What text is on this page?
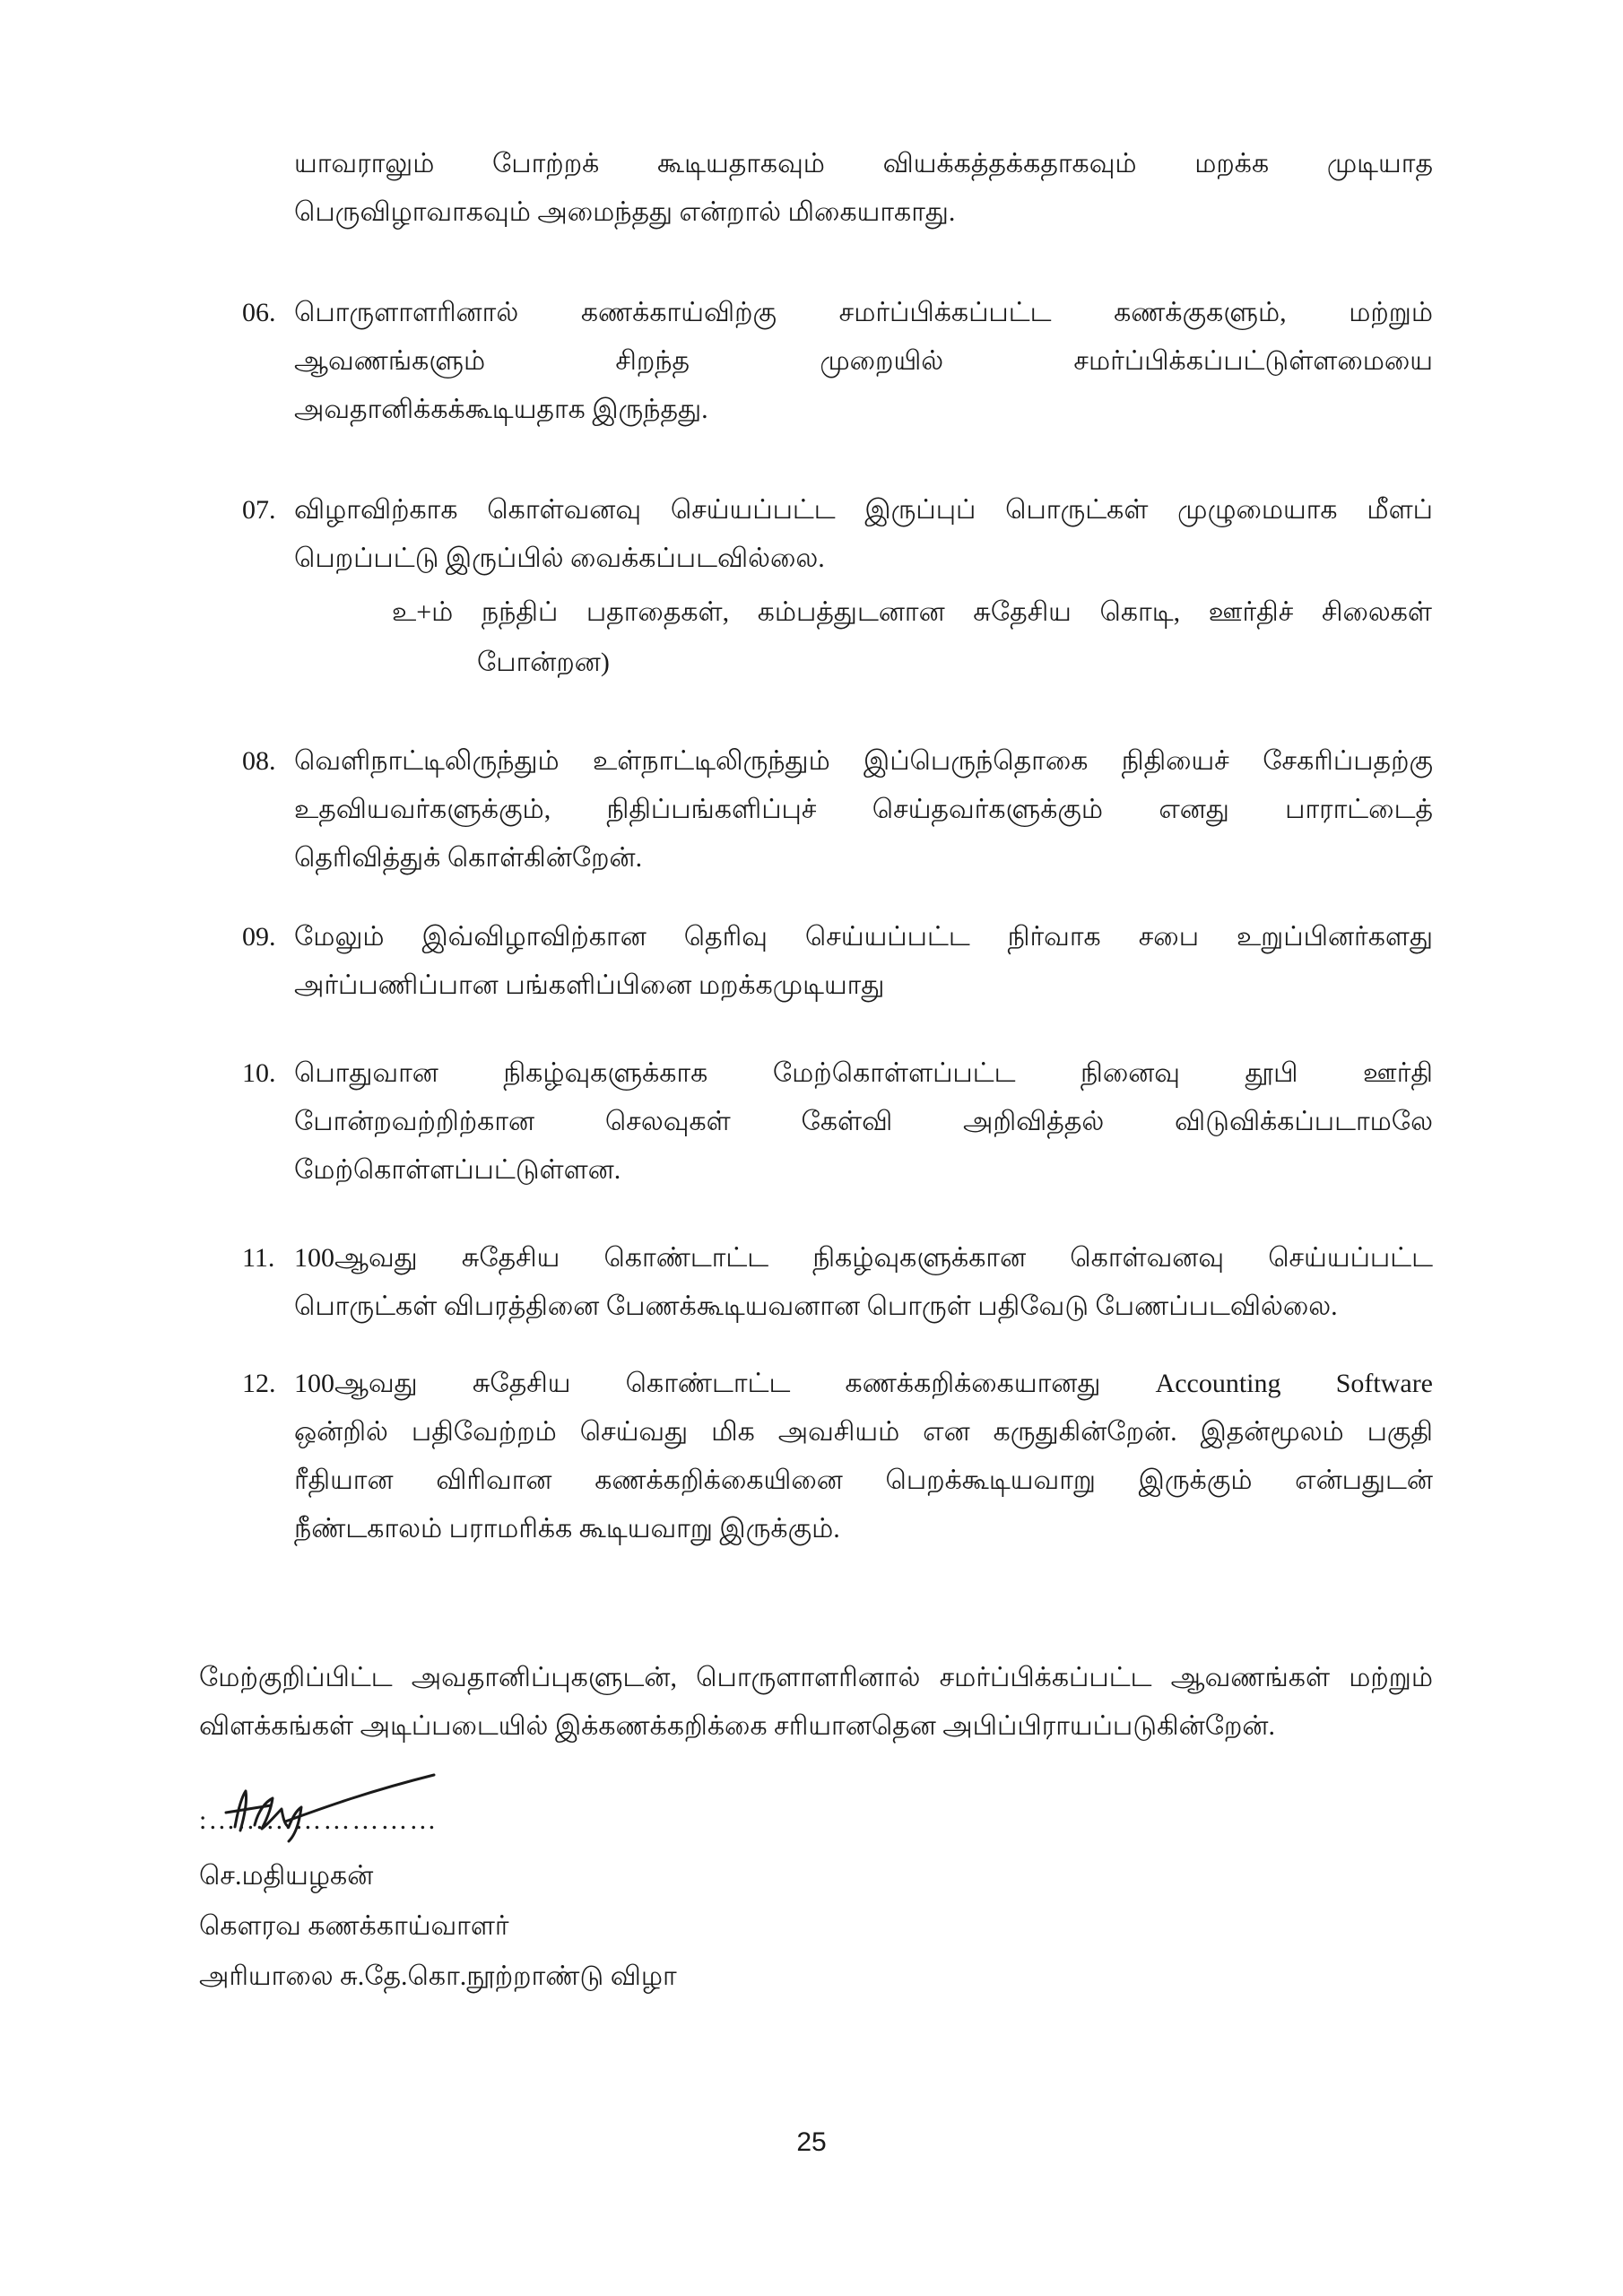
யாவராலும் போற்றக் கூடியதாகவும் வியக்கத்தக்கதாகவும் மறக்க முடியாத
பெருவிழாவாகவும் அமைந்தது என்றால் மிகையாகாது.
06. பொருளாளரினால் கணக்காய்விற்கு சமர்ப்பிக்கப்பட்ட கணக்குகளும், மற்றும்
ஆவணங்களும் சிறந்த முறையில் சமர்ப்பிக்கப்பட்டுள்ளமையை
அவதானிக்கக்கூடியதாக இருந்தது.
07. விழாவிற்காக கொள்வனவு செய்யப்பட்ட இருப்புப் பொருட்கள் முழுமையாக மீளப்
பெறப்பட்டு இருப்பில் வைக்கப்படவில்லை.
உ+ம் நந்திப் பதாதைகள், கம்பத்துடனான சுதேசிய கொடி, ஊர்திச் சிலைகள்
போன்றன)
08. வெளிநாட்டிலிருந்தும் உள்நாட்டிலிருந்தும் இப்பெருந்தொகை நிதியைச் சேகரிப்பதற்கு
உதவியவர்களுக்கும், நிதிப்பங்களிப்புச் செய்தவர்களுக்கும் எனது பாராட்டைத்
தெரிவித்துக் கொள்கின்றேன்.
09. மேலும் இவ்விழாவிற்கான தெரிவு செய்யப்பட்ட நிர்வாக சபை உறுப்பினர்களது
அர்ப்பணிப்பான பங்களிப்பினை மறக்கமுடியாது
10. பொதுவான நிகழ்வுகளுக்காக மேற்கொள்ளப்பட்ட நினைவு தூபி ஊர்தி
போன்றவற்றிற்கான செலவுகள் கேள்வி அறிவித்தல் விடுவிக்கப்படாமலே
மேற்கொள்ளப்பட்டுள்ளன.
11. 100ஆவது சுதேசிய கொண்டாட்ட நிகழ்வுகளுக்கான கொள்வனவு செய்யப்பட்ட
பொருட்கள் விபரத்தினை பேணக்கூடியவனான பொருள் பதிவேடு பேணப்படவில்லை.
12. 100ஆவது சுதேசிய கொண்டாட்ட கணக்கறிக்கையானது Accounting Software
ஒன்றில் பதிவேற்றம் செய்வது மிக அவசியம் என கருதுகின்றேன். இதன்மூலம் பகுதி
ரீதியான விரிவான கணக்கறிக்கையினை பெறக்கூடியவாறு இருக்கும் என்பதுடன்
நீண்டகாலம் பராமரிக்க கூடியவாறு இருக்கும்.
மேற்குறிப்பிட்ட அவதானிப்புகளுடன், பொருளாளரினால் சமர்ப்பிக்கப்பட்ட ஆவணங்கள் மற்றும்
விளக்கங்கள் அடிப்படையில் இக்கணக்கறிக்கை சரியானதென அபிப்பிராயப்படுகின்றேன்.
:……………………
செ.மதியழகன்
கௌரவ கணக்காய்வாளர்
அரியாலை சு.தே.கொ.நூற்றாண்டு விழா
25
